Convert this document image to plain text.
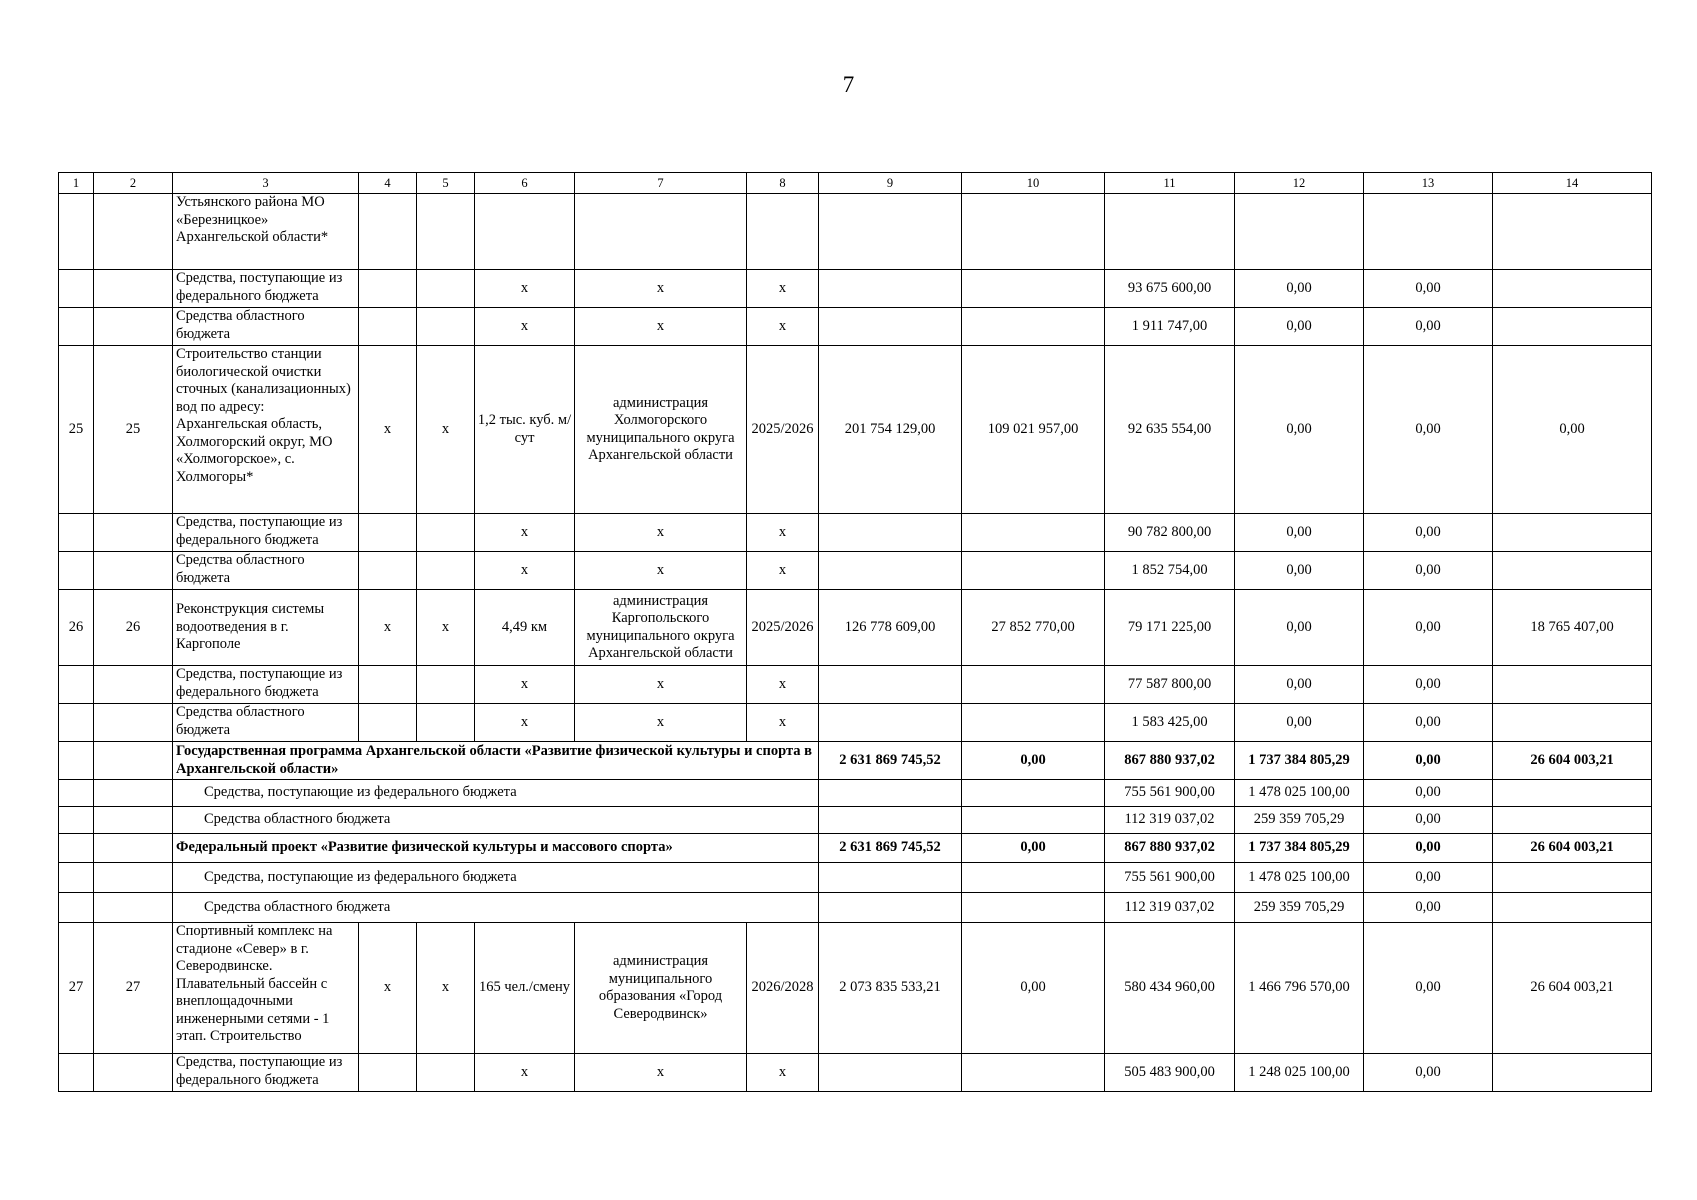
7
1	2	3	4	5	6	7	8	9	10	11	12	13	14
		Устьянского района МО «Березницкое» Архангельской области*											
		Средства, поступающие из федерального бюджета			x	x	x			93 675 600,00	0,00	0,00	
		Средства областного бюджета			x	x	x			1 911 747,00	0,00	0,00	
25	25	Строительство станции биологической очистки сточных (канализационных) вод по адресу: Архангельская область, Холмогорский округ, МО «Холмогорское», с. Холмогоры*	x	x	1,2 тыс. куб. м/сут	администрация Холмогорского муниципального округа Архангельской области	2025/2026	201 754 129,00	109 021 957,00	92 635 554,00	0,00	0,00	0,00
		Средства, поступающие из федерального бюджета			x	x	x			90 782 800,00	0,00	0,00	
		Средства областного бюджета			x	x	x			1 852 754,00	0,00	0,00	
26	26	Реконструкция системы водоотведения в г. Каргополе	x	x	4,49 км	администрация Каргопольского муниципального округа Архангельской области	2025/2026	126 778 609,00	27 852 770,00	79 171 225,00	0,00	0,00	18 765 407,00
		Средства, поступающие из федерального бюджета			x	x	x			77 587 800,00	0,00	0,00	
		Средства областного бюджета			x	x	x			1 583 425,00	0,00	0,00	
		Государственная программа Архангельской области «Развитие физической культуры и спорта в Архангельской области»						2 631 869 745,52	0,00	867 880 937,02	1 737 384 805,29	0,00	26 604 003,21
		Средства, поступающие из федерального бюджета								755 561 900,00	1 478 025 100,00	0,00	
		Средства областного бюджета								112 319 037,02	259 359 705,29	0,00	
		Федеральный проект «Развитие физической культуры и массового спорта»						2 631 869 745,52	0,00	867 880 937,02	1 737 384 805,29	0,00	26 604 003,21
		Средства, поступающие из федерального бюджета								755 561 900,00	1 478 025 100,00	0,00	
		Средства областного бюджета								112 319 037,02	259 359 705,29	0,00	
27	27	Спортивный комплекс на стадионе «Север» в г. Северодвинске. Плавательный бассейн с внеплощадочными инженерными сетями - 1 этап. Строительство	x	x	165 чел./смену	администрация муниципального образования «Город Северодвинск»	2026/2028	2 073 835 533,21	0,00	580 434 960,00	1 466 796 570,00	0,00	26 604 003,21
		Средства, поступающие из федерального бюджета			x	x	x			505 483 900,00	1 248 025 100,00	0,00	
